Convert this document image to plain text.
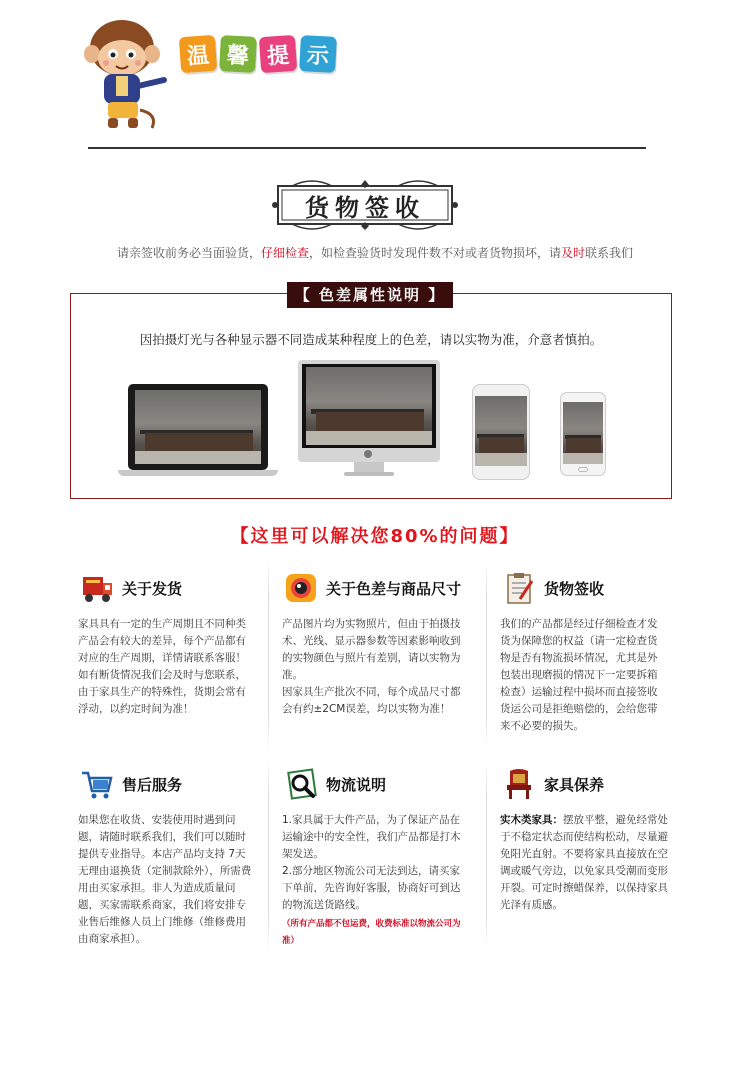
温 馨 提 示
货物签收
请亲签收前务必当面验货，仔细检查，如检查验货时发现件数不对或者货物损坏，请及时联系我们
【 色差属性说明 】
因拍摄灯光与各种显示器不同造成某种程度上的色差，请以实物为准，介意者慎拍。
【这里可以解决您80%的问题】
关于发货
家具具有一定的生产周期且不同种类产品会有较大的差异，每个产品都有对应的生产周期，详情请联系客服！如有断货情况我们会及时与您联系，由于家具生产的特殊性，货期会常有浮动，以约定时间为准！
关于色差与商品尺寸
产品图片均为实物照片，但由于拍摄技术、光线、显示器参数等因素影响收到的实物颜色与照片有差别，请以实物为准。
因家具生产批次不同，每个成品尺寸都会有约±2CM误差，均以实物为准！
货物签收
我们的产品都是经过仔细检查才发货为保障您的权益（请一定检查货物是否有物流损坏情况，尤其是外包装出现磨损的情况下一定要拆箱检查）运输过程中损坏而直接签收货运公司是拒绝赔偿的，会给您带来不必要的损失。
售后服务
如果您在收货、安装使用时遇到问题，请随时联系我们，我们可以随时提供专业指导。本店产品均支持 7天无理由退换货（定制款除外），所需费用由买家承担。非人为造成质量问题，买家需联系商家，我们将安排专业售后维修人员上门维修（维修费用由商家承担）。
物流说明
1.家具属于大件产品，为了保证产品在运输途中的安全性，我们产品都是打木架发送。
2.部分地区物流公司无法到达，请买家下单前，先咨询好客服，协商好可到达的物流送货路线。
（所有产品都不包运费，收费标准以物流公司为准）
家具保养
实木类家具：摆放平整，避免经常处于不稳定状态而使结构松动，尽量避免阳光直射。不要将家具直接放在空调或暖气旁边，以免家具受潮而变形开裂。可定时擦蜡保养，以保持家具光泽有质感。
